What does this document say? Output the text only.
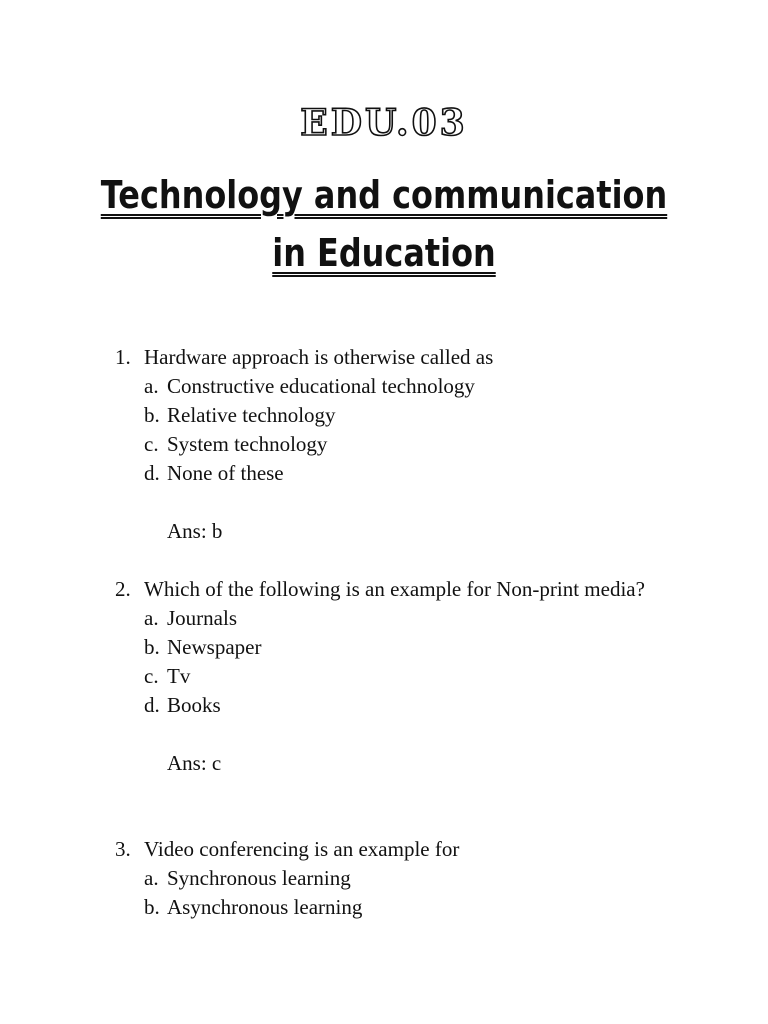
EDU.03
Technology and communication
in Education
1. Hardware approach is otherwise called as
a. Constructive educational technology
b. Relative technology
c. System technology
d. None of these
Ans: b
2. Which of the following is an example for Non-print media?
a. Journals
b. Newspaper
c. Tv
d. Books
Ans: c
3. Video conferencing is an example for
a. Synchronous learning
b. Asynchronous learning
